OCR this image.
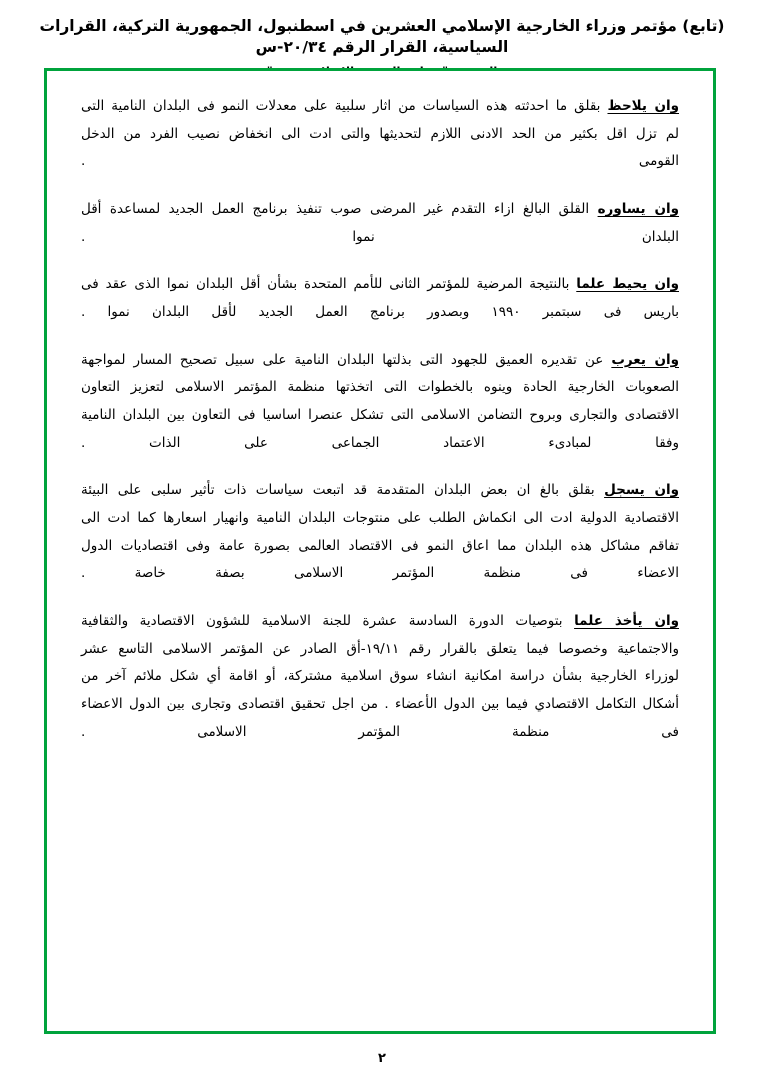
(تابع) مؤتمر وزراء الخارجية الإسلامي العشرين في اسطنبول، الجمهورية التركية، القرارات السياسية، القرار الرقم ٢٠/٣٤-س

وان يلاحظ بقلق ما احدثته هذه السياسات من اثار سلبية على معدلات النمو فى البلدان النامية التى لم تزل اقل بكثير من الحد الادنى اللازم لتحديثها والتى ادت الى انخفاض نصيب الفرد من الدخل القومى .

وان يساوره القلق البالغ ازاء التقدم غير المرضى صوب تنفيذ برنامج العمل الجديد لمساعدة أقل البلدان نموا .

وان يحيط علما بالنتيجة المرضية للمؤتمر الثانى للأمم المتحدة بشأن أقل البلدان نموا الذى عقد فى باريس فى سبتمبر ١٩٩٠ وبصدور برنامج العمل الجديد لأقل البلدان نموا .

وان يعرب عن تقديره العميق للجهود التى بذلتها البلدان النامية على سبيل تصحيح المسار لمواجهة الصعوبات الخارجية الحادة وينوه بالخطوات التى اتخذتها منظمة المؤتمر الاسلامى لتعزيز التعاون الاقتصادى والتجارى وبروح التضامن الاسلامى التى تشكل عنصرا اساسيا فى التعاون بين البلدان النامية وفقا لمبادىء الاعتماد الجماعى على الذات .

وان يسجل بقلق بالغ ان بعض البلدان المتقدمة قد اتبعت سياسات ذات تأثير سلبى على البيئة الاقتصادية الدولية ادت الى انكماش الطلب على منتوجات البلدان النامية وانهيار اسعارها كما ادت الى تفاقم مشاكل هذه البلدان مما اعاق النمو فى الاقتصاد العالمى بصورة عامة وفى اقتصاديات الدول الاعضاء فى منظمة المؤتمر الاسلامى بصفة خاصة .

وان يأخذ علما بتوصيات الدورة السادسة عشرة للجنة الاسلامية للشؤون الاقتصادية والثقافية والاجتماعية وخصوصا فيما يتعلق بالقرار رقم ١٩/١١-أق الصادر عن المؤتمر الاسلامى التاسع عشر لوزراء الخارجية بشأن دراسة امكانية انشاء سوق اسلامية مشتركة، أو اقامة أي شكل ملائم آخر من أشكال التكامل الاقتصادي فيما بين الدول الأعضاء . من اجل تحقيق اقتصادى وتجارى بين الدول الاعضاء فى منظمة المؤتمر الاسلامى .

٢
